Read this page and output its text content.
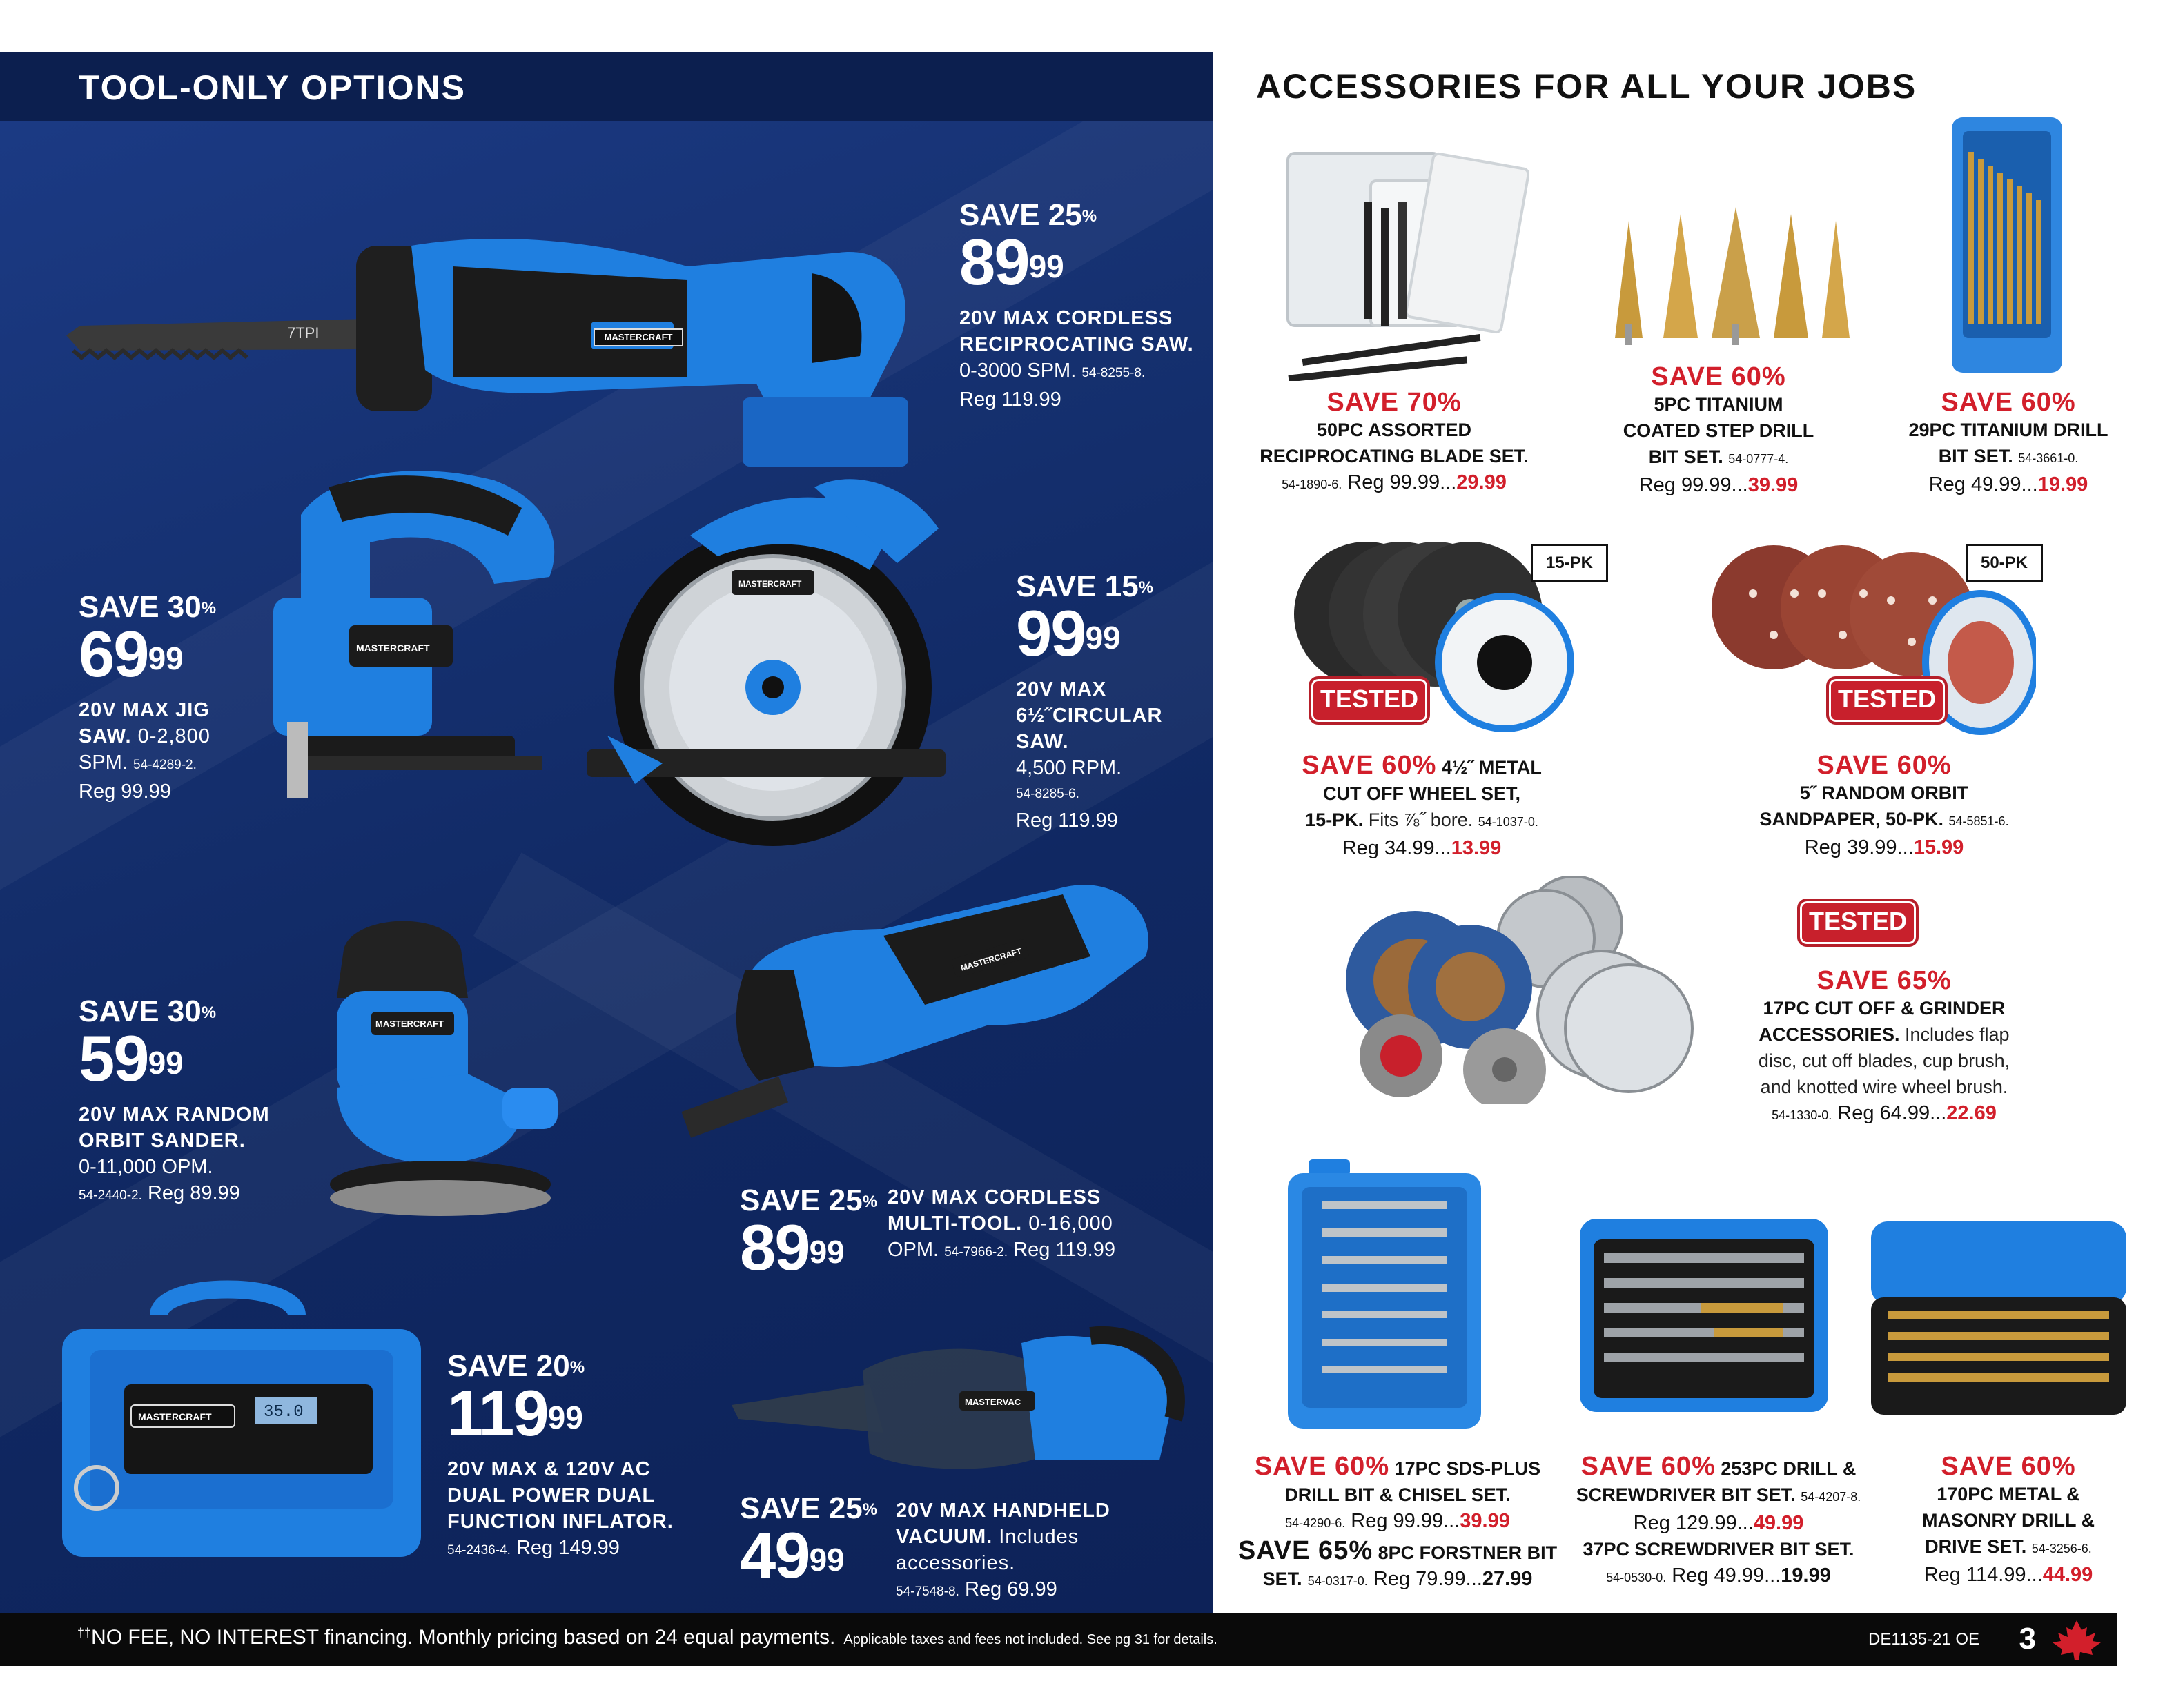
TOOL-ONLY OPTIONS
7TPI	MASTERCRAFT
SAVE 25%
$89^{99}$
20V MAX CORDLESS
RECIPROCATING SAW.
0-3000 SPM. 54-8255-8.
Reg 119.99
MASTERCRAFT
SAVE 30%
$69^{99}$
20V MAX JIG
SAW. 0-2,800
SPM. 54-4289-2.
Reg 99.99
MASTERCRAFT	SAVE 15%
$99^{99}$
20V MAX
6½˝CIRCULAR
SAW.
4,500 RPM.
54-8285-6.
Reg 119.99
MASTERCRAFT
SAVE 30%
$59^{99}$
20V MAX RANDOM
ORBIT SANDER.
0-11,000 OPM.
54-2440-2. Reg 89.99
MASTERCRAFT
SAVE 25%
$89^{99}$
20V MAX CORDLESS
MULTI-TOOL. 0-16,000
OPM. 54-7966-2. Reg 119.99
35.0
MASTERCRAFT
SAVE 20%
$119^{99}$
20V MAX & 120V AC
DUAL POWER DUAL
FUNCTION INFLATOR.
54-2436-4. Reg 149.99
MASTERVAC
SAVE 25%
$49^{99}$
20V MAX HANDHELD
VACUUM. Includes accessories.
54-7548-8. Reg 69.99
ACCESSORIES FOR ALL YOUR JOBS
SAVE 70%
50PC ASSORTED
RECIPROCATING BLADE SET.
54-1890-6. Reg 99.99...29.99
SAVE 60%
5PC TITANIUM
COATED STEP DRILL
BIT SET. 54-0777-4.
Reg 99.99...39.99
SAVE 60%
29PC TITANIUM DRILL
BIT SET. 54-3661-0.
Reg 49.99...19.99
TESTED
15-PK
SAVE 60% 4½˝ METAL
CUT OFF WHEEL SET,
15-PK. Fits ⅞˝ bore. 54-1037-0.
Reg 34.99...13.99
TESTED
50-PK
SAVE 60%
5˝ RANDOM ORBIT
SANDPAPER, 50-PK. 54-5851-6.
Reg 39.99...15.99
TESTED
SAVE 65%
17PC CUT OFF & GRINDER
ACCESSORIES. Includes flap
disc, cut off blades, cup brush,
and knotted wire wheel brush.
54-1330-0. Reg 64.99...22.69
SAVE 60% 17PC SDS-PLUS
DRILL BIT & CHISEL SET.
54-4290-6. Reg 99.99...39.99
SAVE 65% 8PC FORSTNER BIT
SET. 54-0317-0. Reg 79.99...27.99
SAVE 60% 253PC DRILL &
SCREWDRIVER BIT SET. 54-4207-8.
Reg 129.99...49.99
37PC SCREWDRIVER BIT SET.
54-0530-0. Reg 49.99...19.99
SAVE 60%
170PC METAL &
MASONRY DRILL &
DRIVE SET. 54-3256-6.
Reg 114.99...44.99
††NO FEE, NO INTEREST financing. Monthly pricing based on 24 equal payments. Applicable taxes and fees not included. See pg 31 for details.	DE1135-21 OE 3
